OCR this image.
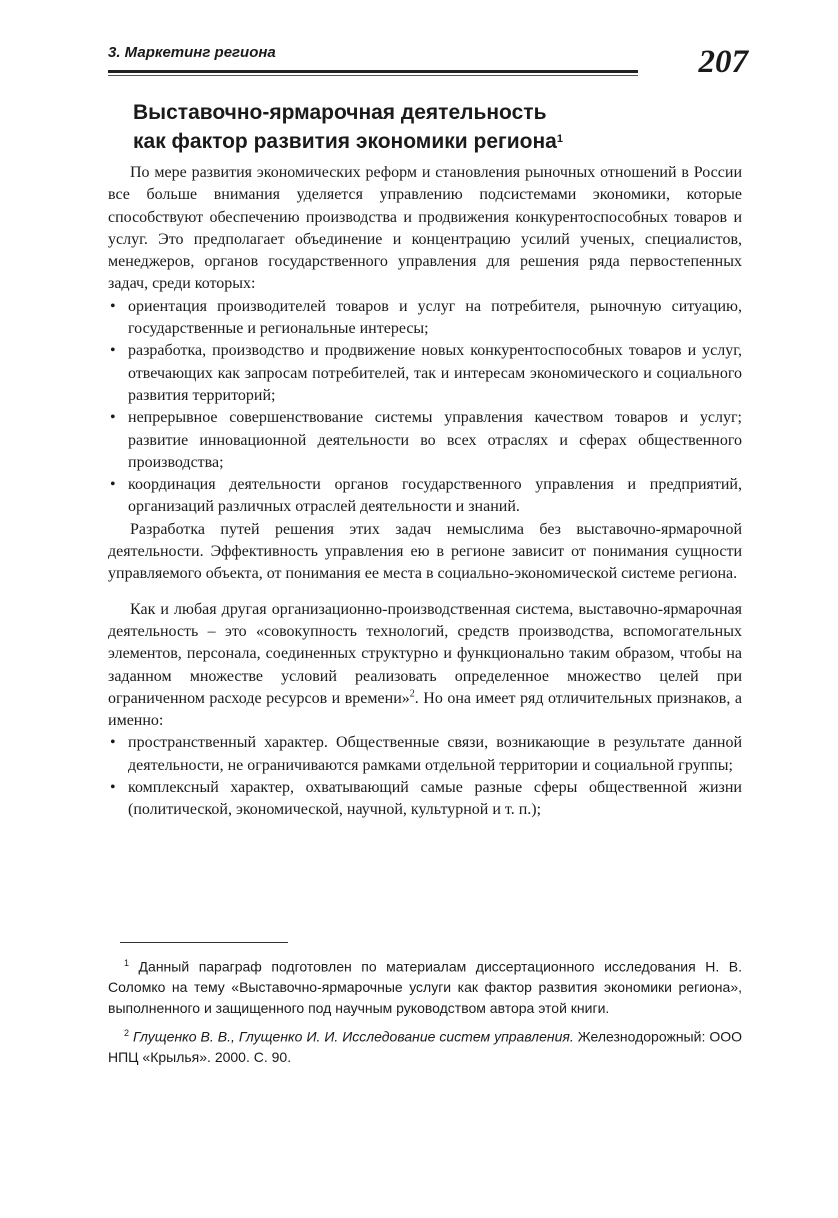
3. Маркетинг региона	207
Выставочно-ярмарочная деятельность
как фактор развития экономики региона$^1$

По мере развития экономических реформ и становления рыночных отношений в России все больше внимания уделяется управлению подсистемами экономики, которые способствуют обеспечению производства и продвижения конкурентоспособных товаров и услуг. Это предполагает объединение и концентрацию усилий ученых, специалистов, менеджеров, органов государственного управления для решения ряда первостепенных задач, среди которых:

• ориентация производителей товаров и услуг на потребителя, рыночную ситуацию, государственные и региональные интересы;
• разработка, производство и продвижение новых конкурентоспособных товаров и услуг, отвечающих как запросам потребителей, так и интересам экономического и социального развития территорий;
• непрерывное совершенствование системы управления качеством товаров и услуг; развитие инновационной деятельности во всех отраслях и сферах общественного производства;
• координация деятельности органов государственного управления и предприятий, организаций различных отраслей деятельности и знаний.

Разработка путей решения этих задач немыслима без выставочно-ярмарочной деятельности. Эффективность управления ею в регионе зависит от понимания сущности управляемого объекта, от понимания ее места в социально-экономической системе региона.

Как и любая другая организационно-производственная система, выставочно-ярмарочная деятельность – это «совокупность технологий, средств производства, вспомогательных элементов, персонала, соединенных структурно и функционально таким образом, чтобы на заданном множестве условий реализовать определенное множество целей при ограниченном расходе ресурсов и времени»$^2$. Но она имеет ряд отличительных признаков, а именно:

• пространственный характер. Общественные связи, возникающие в результате данной деятельности, не ограничиваются рамками отдельной территории и социальной группы;
• комплексный характер, охватывающий самые разные сферы общественной жизни (политической, экономической, научной, культурной и т. п.);

$^1$ Данный параграф подготовлен по материалам диссертационного исследования Н. В. Соломко на тему «Выставочно-ярмарочные услуги как фактор развития экономики региона», выполненного и защищенного под научным руководством автора этой книги.

$^2$ Глущенко В. В., Глущенко И. И. Исследование систем управления. Железнодорожный: ООО НПЦ «Крылья». 2000. С. 90.
